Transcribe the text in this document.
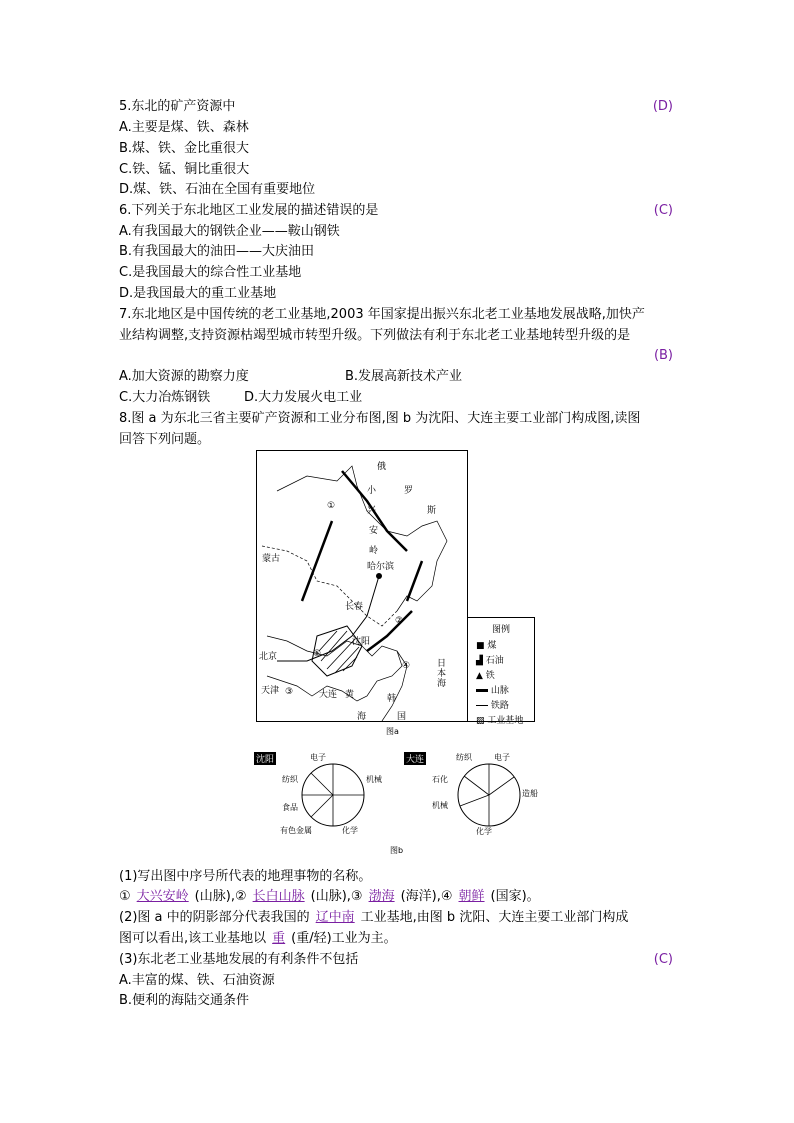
5.东北的矿产资源中	(D)
A.主要是煤、铁、森林
B.煤、铁、金比重很大
C.铁、锰、铜比重很大
D.煤、铁、石油在全国有重要地位
6.下列关于东北地区工业发展的描述错误的是	(C)
A.有我国最大的钢铁企业——鞍山钢铁
B.有我国最大的油田——大庆油田
C.是我国最大的综合性工业基地
D.是我国最大的重工业基地
7.东北地区是中国传统的老工业基地,2003 年国家提出振兴东北老工业基地发展战略,加快产
业结构调整,支持资源枯竭型城市转型升级。下列做法有利于东北老工业基地转型升级的是
(B)
A.加大资源的勘察力度	B.发展高新技术产业
C.大力冶炼钢铁	D.大力发展火电工业
8.图 a 为东北三省主要矿产资源和工业分布图,图 b 为沈阳、大连主要工业部门构成图,读图
回答下列问题。
俄
罗
斯
小
兴
安
岭
蒙古
哈尔滨
长春
沈阳
北京
天津	大连 黄
海
韩
国
日
本
海
①
②
③
④
⑤
图例
■ 煤
▟ 石油
▲ 铁
山脉
铁路
▨ 工业基地
图a
沈阳	大连
电子
机械
化学
有色金属
食品
纺织
纺织	电子
造船
化学
机械
石化
图b
(1)写出图中序号所代表的地理事物的名称。
① 大兴安岭 (山脉),② 长白山脉 (山脉),③ 渤海 (海洋),④ 朝鲜 (国家)。
(2)图 a 中的阴影部分代表我国的 辽中南 工业基地,由图 b 沈阳、大连主要工业部门构成
图可以看出,该工业基地以 重 (重/轻)工业为主。
(3)东北老工业基地发展的有利条件不包括	(C)
A.丰富的煤、铁、石油资源
B.便利的海陆交通条件
